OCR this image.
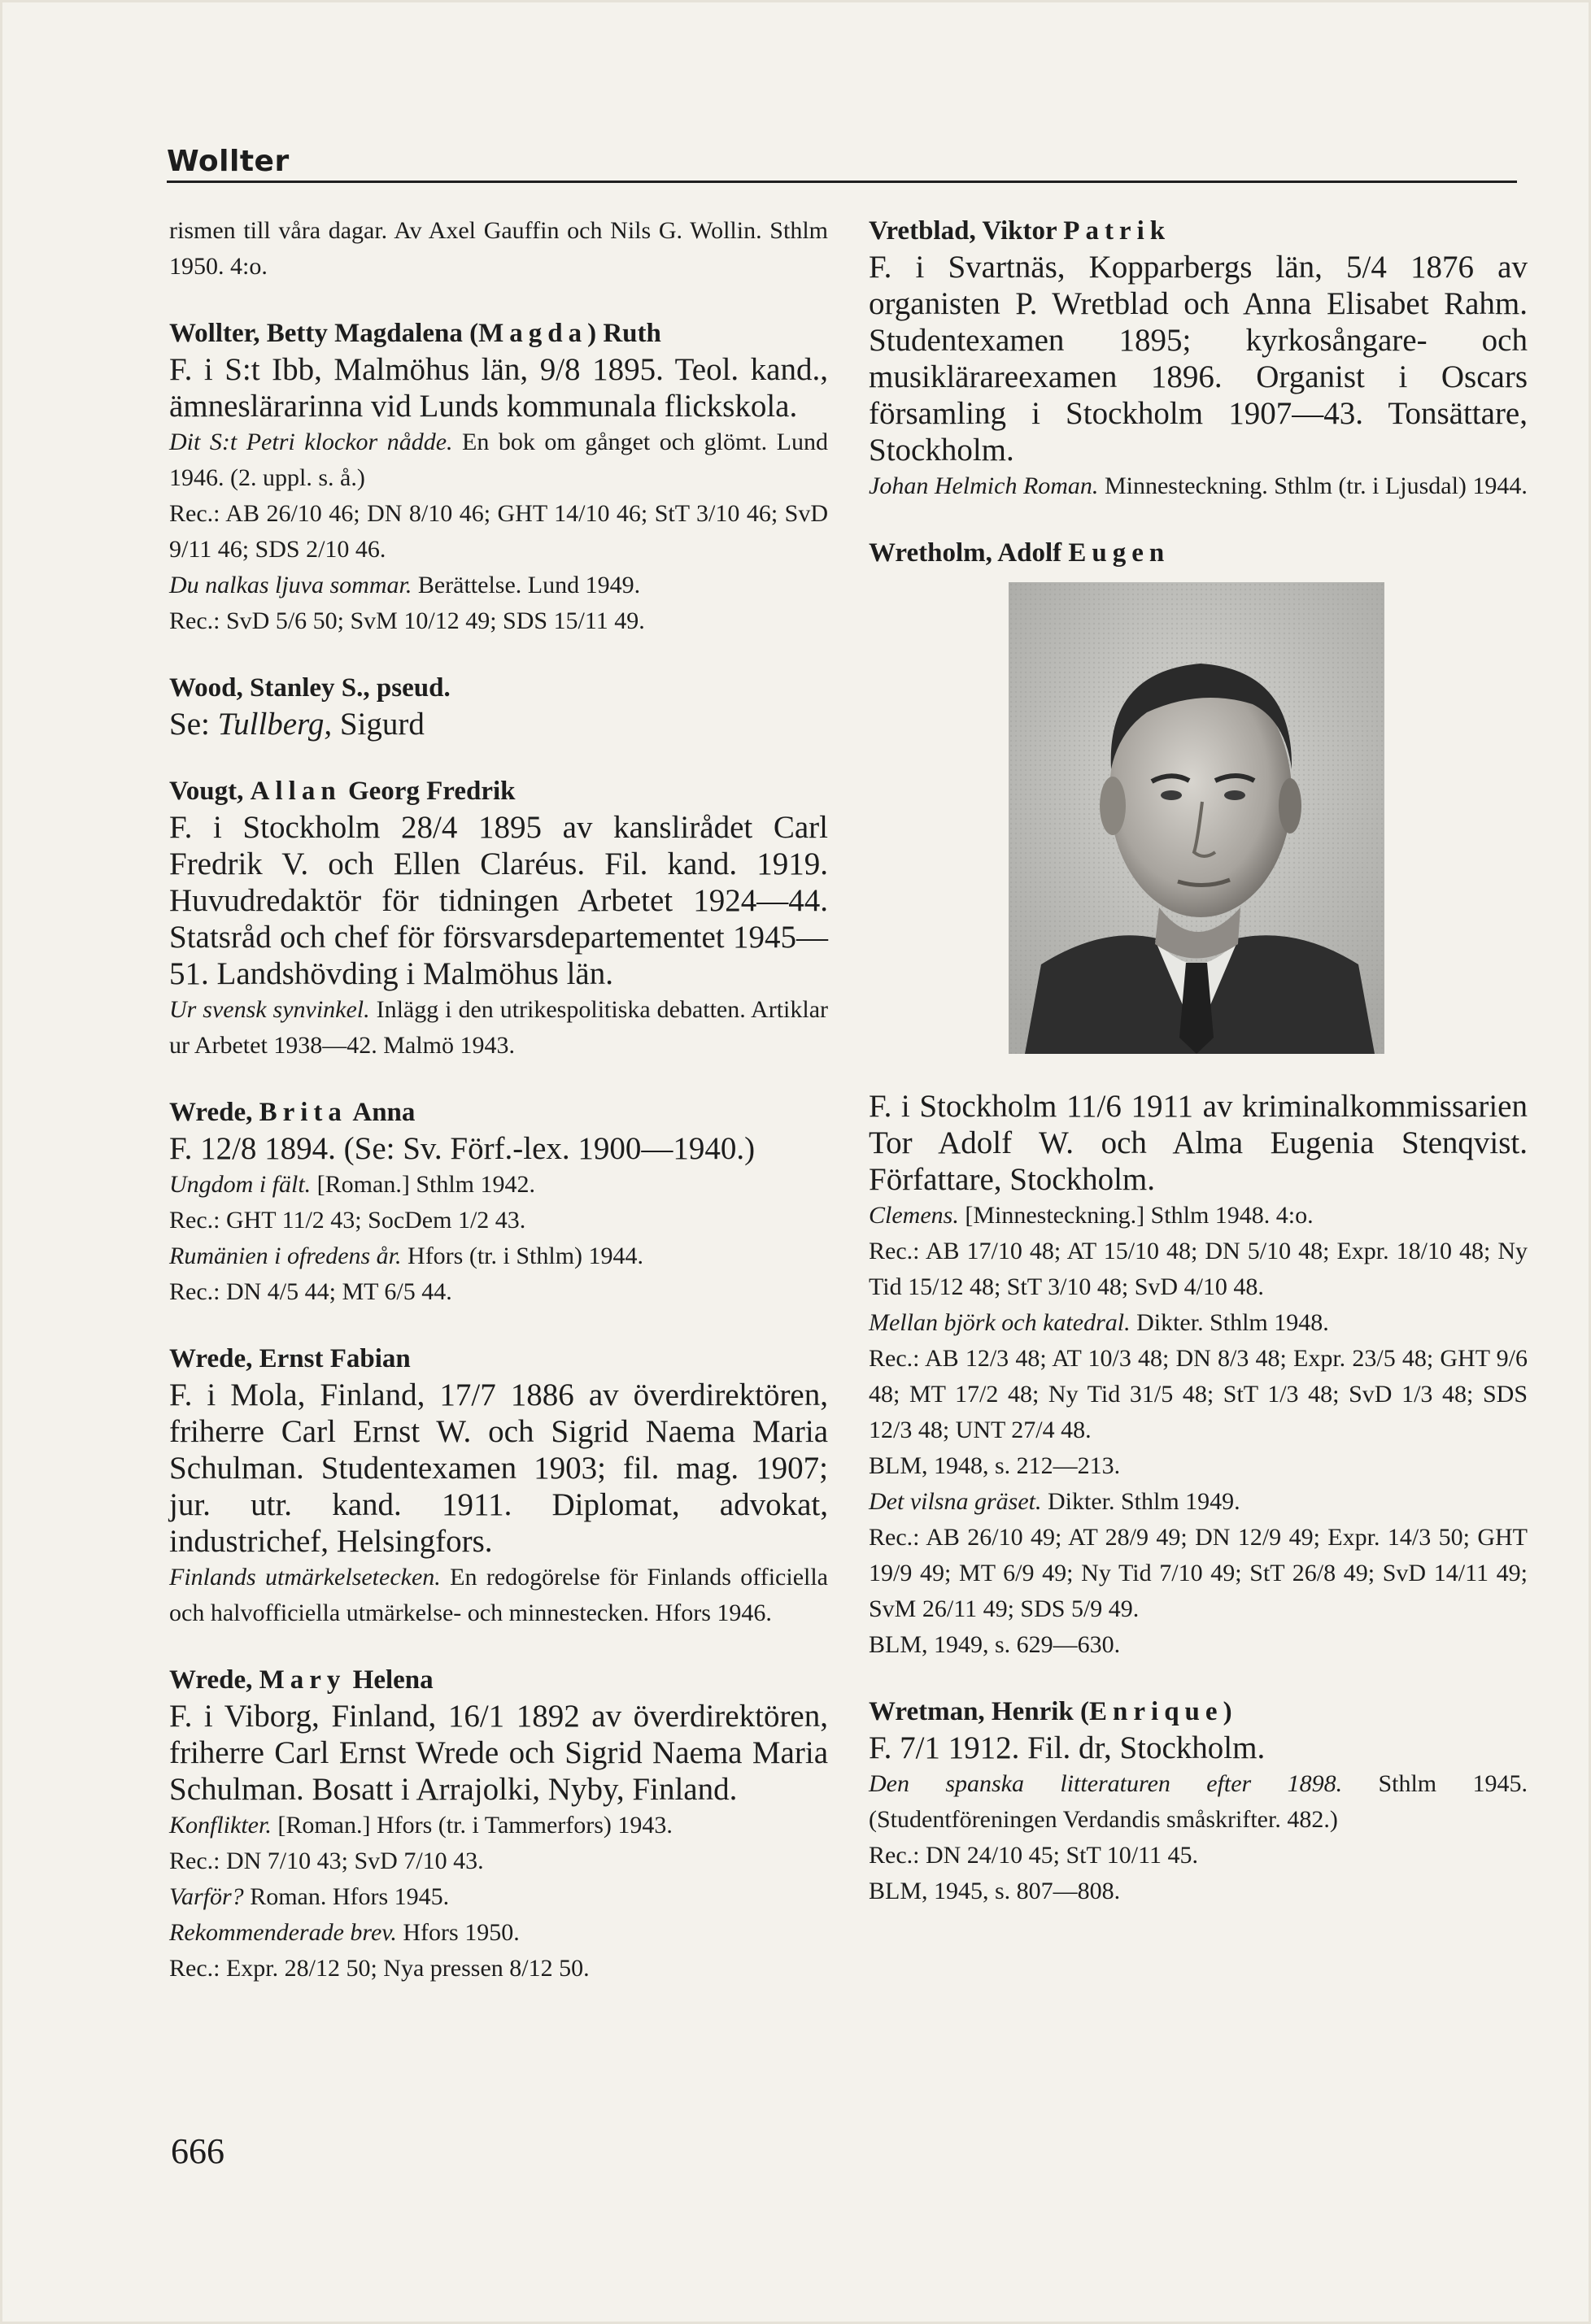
Wollter

rismen till våra dagar. Av Axel Gauffin och Nils G. Wollin. Sthlm 1950. 4:o.

Wollter, Betty Magdalena (Magda) Ruth

F. i S:t Ibb, Malmöhus län, 9/8 1895. Teol. kand., ämneslärarinna vid Lunds kommunala flickskola.

Dit S:t Petri klockor nådde. En bok om gånget och glömt. Lund 1946. (2. uppl. s. å.)

Rec.: AB 26/10 46; DN 8/10 46; GHT 14/10 46; StT 3/10 46; SvD 9/11 46; SDS 2/10 46.

Du nalkas ljuva sommar. Berättelse. Lund 1949.

Rec.: SvD 5/6 50; SvM 10/12 49; SDS 15/11 49.

Wood, Stanley S., pseud.

Se: Tullberg, Sigurd

Vougt, Allan Georg Fredrik

F. i Stockholm 28/4 1895 av kanslirådet Carl Fredrik V. och Ellen Claréus. Fil. kand. 1919. Huvudredaktör för tidningen Arbetet 1924—44. Statsråd och chef för försvarsdepartementet 1945—51. Landshövding i Malmöhus län.

Ur svensk synvinkel. Inlägg i den utrikespolitiska debatten. Artiklar ur Arbetet 1938—42. Malmö 1943.

Wrede, Brita Anna

F. 12/8 1894. (Se: Sv. Förf.-lex. 1900—1940.)

Ungdom i fält. [Roman.] Sthlm 1942.

Rec.: GHT 11/2 43; SocDem 1/2 43.

Rumänien i ofredens år. Hfors (tr. i Sthlm) 1944.

Rec.: DN 4/5 44; MT 6/5 44.

Wrede, Ernst Fabian

F. i Mola, Finland, 17/7 1886 av överdirektören, friherre Carl Ernst W. och Sigrid Naema Maria Schulman. Studentexamen 1903; fil. mag. 1907; jur. utr. kand. 1911. Diplomat, advokat, industrichef, Helsingfors.

Finlands utmärkelsetecken. En redogörelse för Finlands officiella och halvofficiella utmärkelse- och minnestecken. Hfors 1946.

Wrede, Mary Helena

F. i Viborg, Finland, 16/1 1892 av överdirektören, friherre Carl Ernst Wrede och Sigrid Naema Maria Schulman. Bosatt i Arrajolki, Nyby, Finland.

Konflikter. [Roman.] Hfors (tr. i Tammerfors) 1943.

Rec.: DN 7/10 43; SvD 7/10 43.

Varför? Roman. Hfors 1945.

Rekommenderade brev. Hfors 1950.

Rec.: Expr. 28/12 50; Nya pressen 8/12 50.

Vretblad, Viktor Patrik

F. i Svartnäs, Kopparbergs län, 5/4 1876 av organisten P. Wretblad och Anna Elisabet Rahm. Studentexamen 1895; kyrkosångare- och musiklärareexamen 1896. Organist i Oscars församling i Stockholm 1907—43. Tonsättare, Stockholm.

Johan Helmich Roman. Minnesteckning. Sthlm (tr. i Ljusdal) 1944.

Wretholm, Adolf Eugen

F. i Stockholm 11/6 1911 av kriminalkommissarien Tor Adolf W. och Alma Eugenia Stenqvist. Författare, Stockholm.

Clemens. [Minnesteckning.] Sthlm 1948. 4:o.

Rec.: AB 17/10 48; AT 15/10 48; DN 5/10 48; Expr. 18/10 48; Ny Tid 15/12 48; StT 3/10 48; SvD 4/10 48.

Mellan björk och katedral. Dikter. Sthlm 1948.

Rec.: AB 12/3 48; AT 10/3 48; DN 8/3 48; Expr. 23/5 48; GHT 9/6 48; MT 17/2 48; Ny Tid 31/5 48; StT 1/3 48; SvD 1/3 48; SDS 12/3 48; UNT 27/4 48.

BLM, 1948, s. 212—213.

Det vilsna gräset. Dikter. Sthlm 1949.

Rec.: AB 26/10 49; AT 28/9 49; DN 12/9 49; Expr. 14/3 50; GHT 19/9 49; MT 6/9 49; Ny Tid 7/10 49; StT 26/8 49; SvD 14/11 49; SvM 26/11 49; SDS 5/9 49.

BLM, 1949, s. 629—630.

Wretman, Henrik (Enrique)

F. 7/1 1912. Fil. dr, Stockholm.

Den spanska litteraturen efter 1898. Sthlm 1945. (Studentföreningen Verdandis småskrifter. 482.)

Rec.: DN 24/10 45; StT 10/11 45.

BLM, 1945, s. 807—808.

666
